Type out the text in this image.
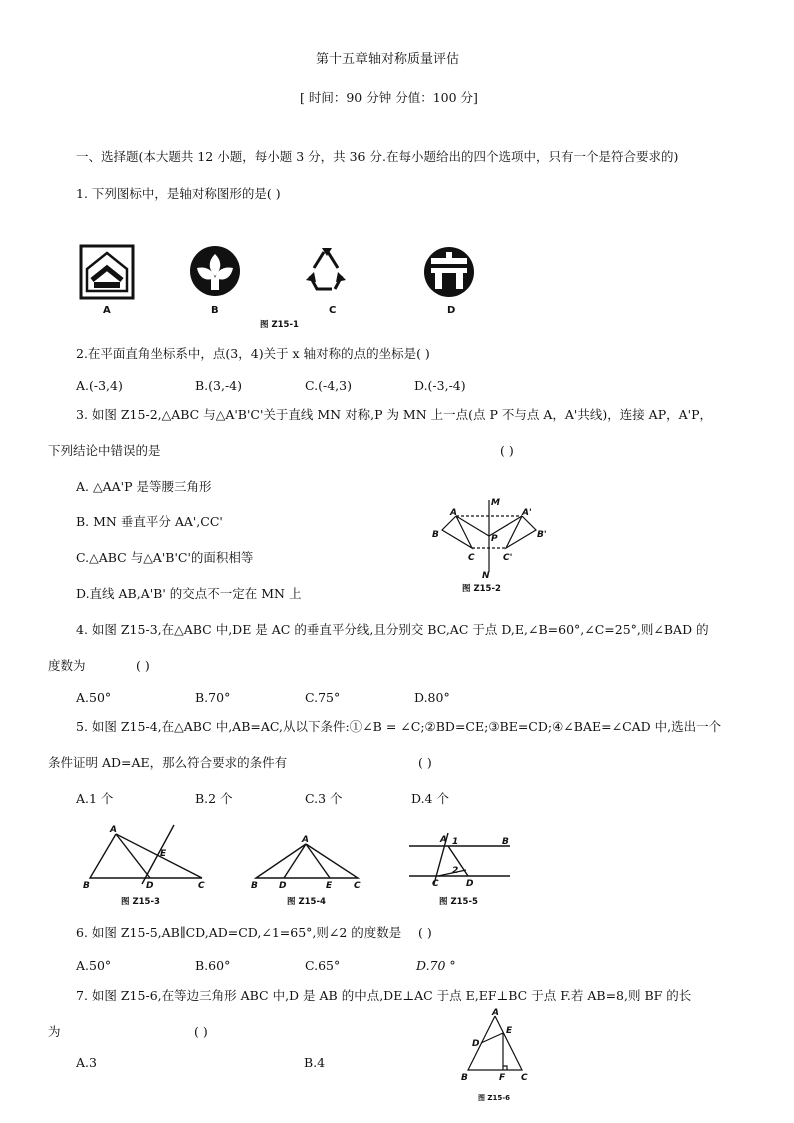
第十五章轴对称质量评估
[ 时间：90 分钟 分值：100 分]
一、选择题(本大题共 12 小题，每小题 3 分，共 36 分.在每小题给出的四个选项中，只有一个是符合要求的)
1. 下列图标中，是轴对称图形的是( )
A	B	C	D
图 Z15-1
2.在平面直角坐标系中，点(3，4)关于 x 轴对称的点的坐标是( )
A.(-3,4)	B.(3,-4)	C.(-4,3)	D.(-3,-4)
3. 如图 Z15-2,△ABC 与△A'B'C'关于直线 MN 对称,P 为 MN 上一点(点 P 不与点 A，A'共线)，连接 AP，A'P，
下列结论中错误的是	( )
A. △AA'P 是等腰三角形
B. MN 垂直平分 AA',CC'
C.△ABC 与△A'B'C'的面积相等
D.直线 AB,A'B' 的交点不一定在 MN 上
M
A	A'
B	B'
P
C	C'
N
图 Z15-2
4. 如图 Z15-3,在△ABC 中,DE 是 AC 的垂直平分线,且分别交 BC,AC 于点 D,E,∠B=60°,∠C=25°,则∠BAD 的
度数为	( )
A.50°	B.70°	C.75°	D.80°
5. 如图 Z15-4,在△ABC 中,AB=AC,从以下条件:①∠B = ∠C;②BD=CE;③BE=CD;④∠BAE=∠CAD 中,选出一个
条件证明 AD=AE，那么符合要求的条件有	( )
A.1 个	B.2 个	C.3 个	D.4 个
A
E
B	D	C
图 Z15-3
A
B D	E C
图 Z15-4
A 1	B
2
C	D
图 Z15-5
6. 如图 Z15-5,AB∥CD,AD=CD,∠1=65°,则∠2 的度数是 ( )
A.50°	B.60°	C.65°	D.70 °
7. 如图 Z15-6,在等边三角形 ABC 中,D 是 AB 的中点,DE⊥AC 于点 E,EF⊥BC 于点 F.若 AB=8,则 BF 的长
为	( )
A.3	B.4
A
E
D
B	F C
图 Z15-6
